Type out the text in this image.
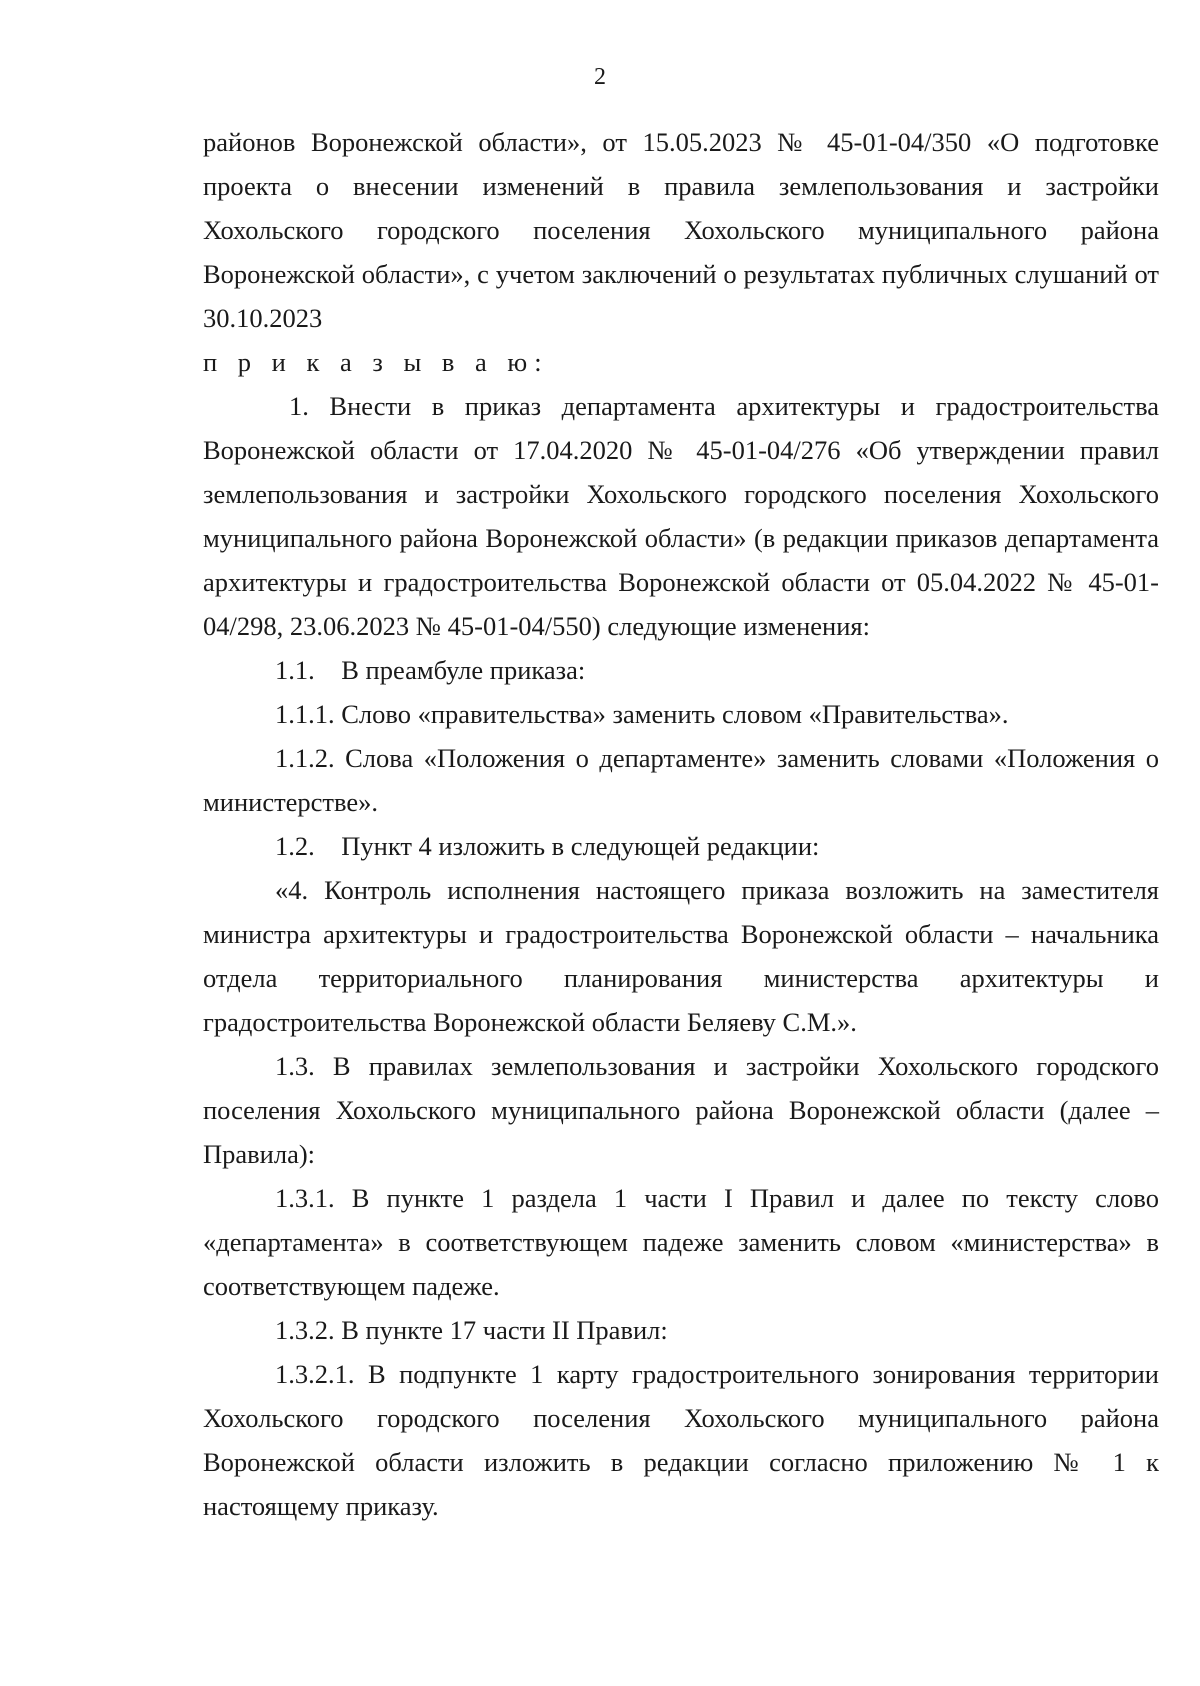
2

районов Воронежской области», от 15.05.2023 № 45-01-04/350 «О подготовке проекта о внесении изменений в правила землепользования и застройки Хохольского городского поселения Хохольского муниципального района Воронежской области», с учетом заключений о результатах публичных слушаний от 30.10.2023

п р и к а з ы в а ю:

1. Внести в приказ департамента архитектуры и градостроительства Воронежской области от 17.04.2020 № 45-01-04/276 «Об утверждении правил землепользования и застройки Хохольского городского поселения Хохольского муниципального района Воронежской области» (в редакции приказов департамента архитектуры и градостроительства Воронежской области от 05.04.2022 № 45-01-04/298, 23.06.2023 № 45-01-04/550) следующие изменения:

1.1.    В преамбуле приказа:

1.1.1. Слово «правительства» заменить словом «Правительства».

1.1.2. Слова «Положения о департаменте» заменить словами «Положения о министерстве».

1.2.    Пункт 4 изложить в следующей редакции:

«4. Контроль исполнения настоящего приказа возложить на заместителя министра архитектуры и градостроительства Воронежской области – начальника отдела территориального планирования министерства архитектуры и градостроительства Воронежской области Беляеву С.М.».

1.3. В правилах землепользования и застройки Хохольского городского поселения Хохольского муниципального района Воронежской области (далее – Правила):

1.3.1. В пункте 1 раздела 1 части I Правил и далее по тексту слово «департамента» в соответствующем падеже заменить словом «министерства» в соответствующем падеже.

1.3.2. В пункте 17 части II Правил:

1.3.2.1. В подпункте 1 карту градостроительного зонирования территории Хохольского городского поселения Хохольского муниципального района Воронежской области изложить в редакции согласно приложению № 1 к настоящему приказу.
